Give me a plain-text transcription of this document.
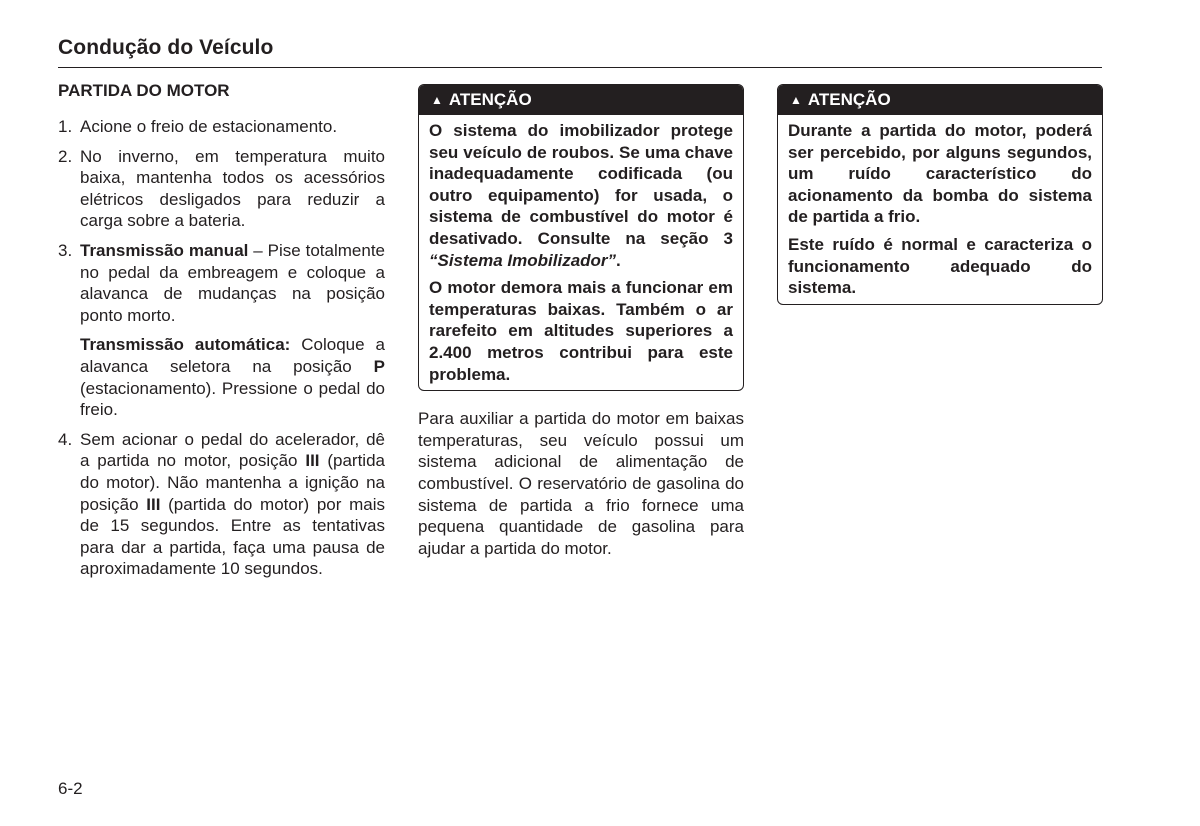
Condução do Veículo
PARTIDA DO MOTOR
1. Acione o freio de estacionamento.
2. No inverno, em temperatura muito baixa, mantenha todos os acessórios elétricos desligados para reduzir a carga sobre a bateria.
3. Transmissão manual – Pise totalmente no pedal da embreagem e coloque a alavanca de mudanças na posição ponto morto.
Transmissão automática: Coloque a alavanca seletora na posição P (estacionamento). Pressione o pedal do freio.
4. Sem acionar o pedal do acelerador, dê a partida no motor, posição III (partida do motor). Não mantenha a ignição na posição III (partida do motor) por mais de 15 segundos. Entre as tentativas para dar a partida, faça uma pausa de aproximadamente 10 segundos.
▲ ATENÇÃO

O sistema do imobilizador protege seu veículo de roubos. Se uma chave inadequadamente codificada (ou outro equipamento) for usada, o sistema de combustível do motor é desativado. Consulte na seção 3 “Sistema Imobilizador”.

O motor demora mais a funcionar em temperaturas baixas. Também o ar rarefeito em altitudes superiores a 2.400 metros contribui para este problema.

Para auxiliar a partida do motor em baixas temperaturas, seu veículo possui um sistema adicional de alimentação de combustível. O reservatório de gasolina do sistema de partida a frio fornece uma pequena quantidade de gasolina para ajudar a partida do motor.
▲ ATENÇÃO

Durante a partida do motor, poderá ser percebido, por alguns segundos, um ruído característico do acionamento da bomba do sistema de partida a frio.

Este ruído é normal e caracteriza o funcionamento adequado do sistema.

6-2
